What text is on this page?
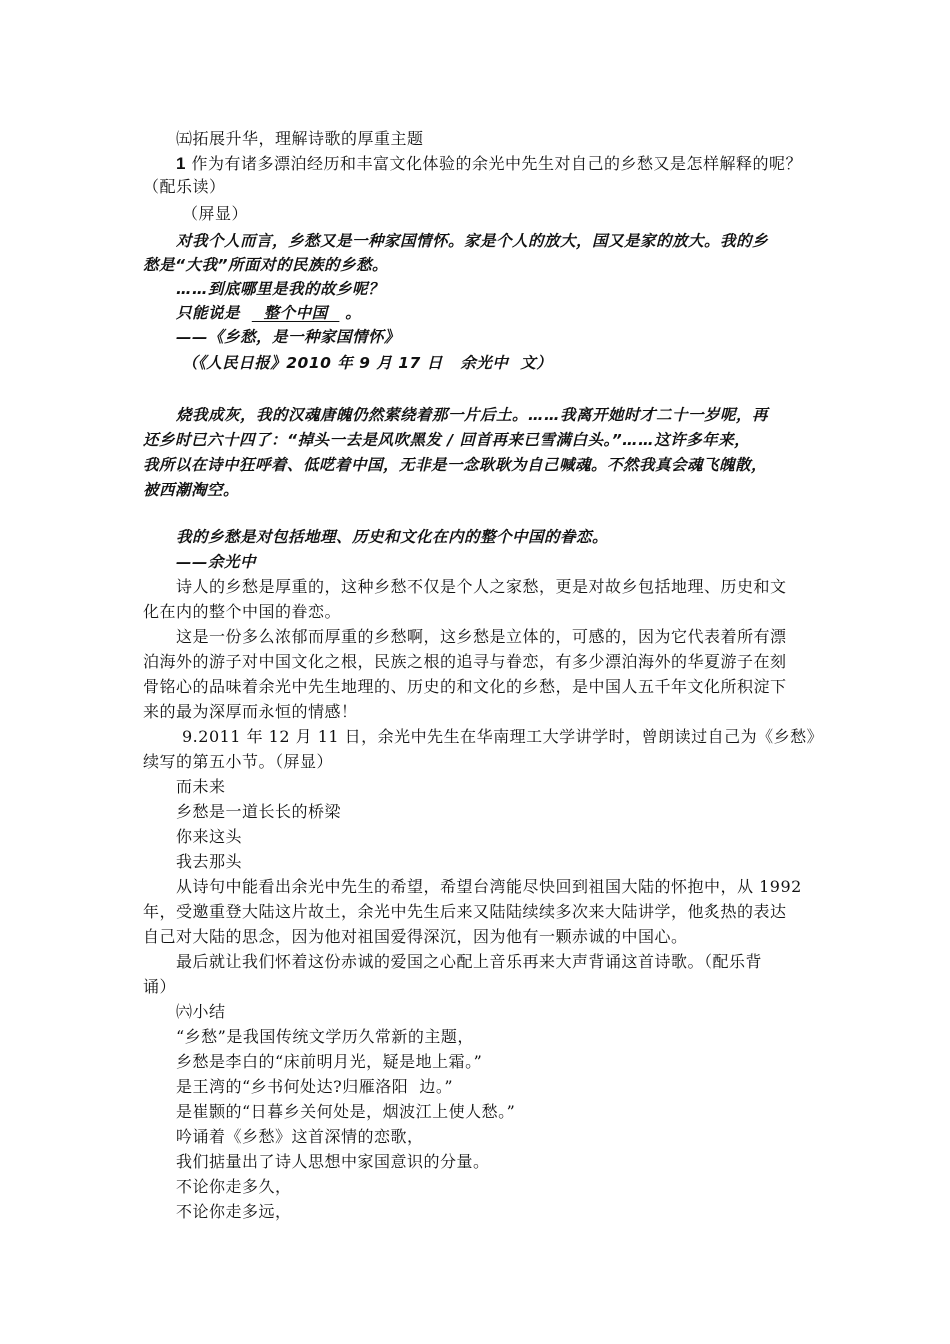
㈤拓展升华，理解诗歌的厚重主题
1 作为有诸多漂泊经历和丰富文化体验的余光中先生对自己的乡愁又是怎样解释的呢？
（配乐读）
（屏显）
对我个人而言，乡愁又是一种家国情怀。家是个人的放大，国又是家的放大。我的乡
愁是“大我”所面对的民族的乡愁。
……到底哪里是我的故乡呢？
只能说是    整个中国   。
——《乡愁，是一种家国情怀》
（《人民日报》2010 年 9 月 17 日   余光中  文）
烧我成灰，我的汉魂唐魄仍然萦绕着那一片后土。……我离开她时才二十一岁呢，再
还乡时已六十四了：“掉头一去是风吹黑发 / 回首再来已雪满白头。”……这许多年来，
我所以在诗中狂呼着、低呓着中国，无非是一念耿耿为自己喊魂。不然我真会魂飞魄散，
被西潮淘空。
我的乡愁是对包括地理、历史和文化在内的整个中国的眷恋。
——余光中
诗人的乡愁是厚重的，这种乡愁不仅是个人之家愁，更是对故乡包括地理、历史和文
化在内的整个中国的眷恋。
这是一份多么浓郁而厚重的乡愁啊，这乡愁是立体的，可感的，因为它代表着所有漂
泊海外的游子对中国文化之根，民族之根的追寻与眷恋，有多少漂泊海外的华夏游子在刻
骨铭心的品味着余光中先生地理的、历史的和文化的乡愁，是中国人五千年文化所积淀下
来的最为深厚而永恒的情感！
9.2011 年 12 月 11 日，余光中先生在华南理工大学讲学时，曾朗读过自己为《乡愁》
续写的第五小节。（屏显）
而未来
乡愁是一道长长的桥梁
你来这头
我去那头
从诗句中能看出余光中先生的希望，希望台湾能尽快回到祖国大陆的怀抱中，从 1992
年，受邀重登大陆这片故土，余光中先生后来又陆陆续续多次来大陆讲学，他炙热的表达
自己对大陆的思念，因为他对祖国爱得深沉，因为他有一颗赤诚的中国心。
最后就让我们怀着这份赤诚的爱国之心配上音乐再来大声背诵这首诗歌。（配乐背
诵）
㈥小结
“乡愁”是我国传统文学历久常新的主题，
乡愁是李白的“床前明月光，疑是地上霜。”
是王湾的“乡书何处达?归雁洛阳  边。”
是崔颢的“日暮乡关何处是，烟波江上使人愁。”
吟诵着《乡愁》这首深情的恋歌，
我们掂量出了诗人思想中家国意识的分量。
不论你走多久，
不论你走多远，
